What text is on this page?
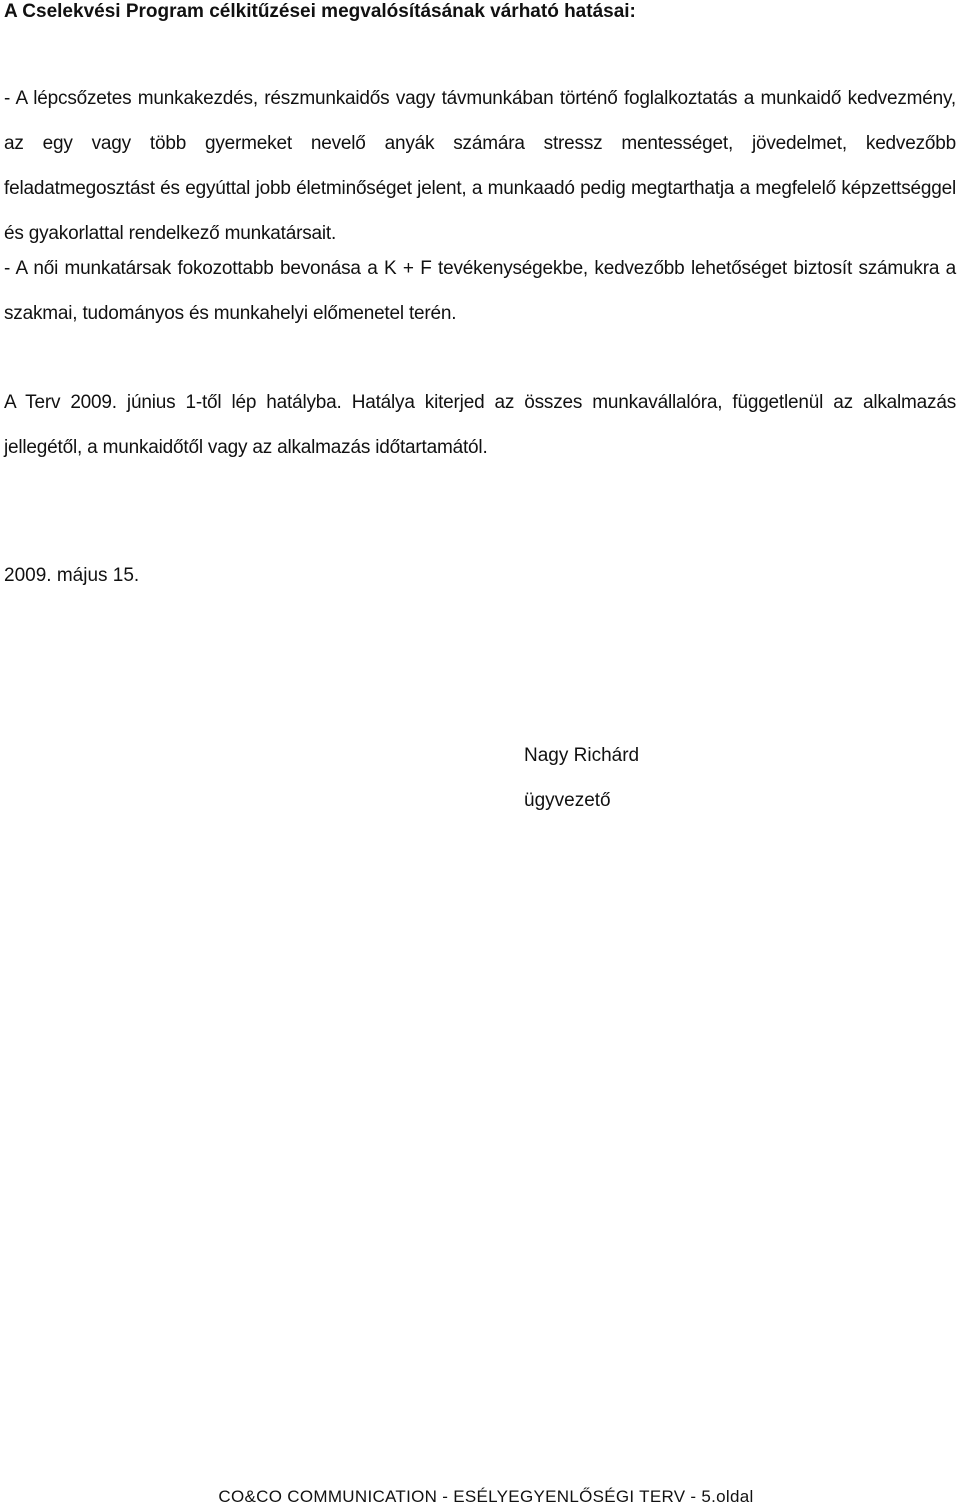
A Cselekvési Program célkitűzései megvalósításának várható hatásai:
- A lépcsőzetes munkakezdés, részmunkaidős vagy távmunkában történő foglalkoztatás a munkaidő kedvezmény, az egy vagy több gyermeket nevelő anyák számára stressz mentességet, jövedelmet, kedvezőbb feladatmegosztást és egyúttal jobb életminőséget jelent, a munkaadó pedig megtarthatja a megfelelő képzettséggel és gyakorlattal rendelkező munkatársait.
- A női munkatársak fokozottabb bevonása a K + F tevékenységekbe, kedvezőbb lehetőséget biztosít számukra a szakmai, tudományos és munkahelyi előmenetel terén.
A Terv 2009. június 1-től lép hatályba. Hatálya kiterjed az összes munkavállalóra, függetlenül az alkalmazás jellegétől, a munkaidőtől vagy az alkalmazás időtartamától.
2009. május 15.
Nagy Richárd
ügyvezető
CO&CO COMMUNICATION - ESÉLYEGYENLŐSÉGI TERV - 5.oldal
